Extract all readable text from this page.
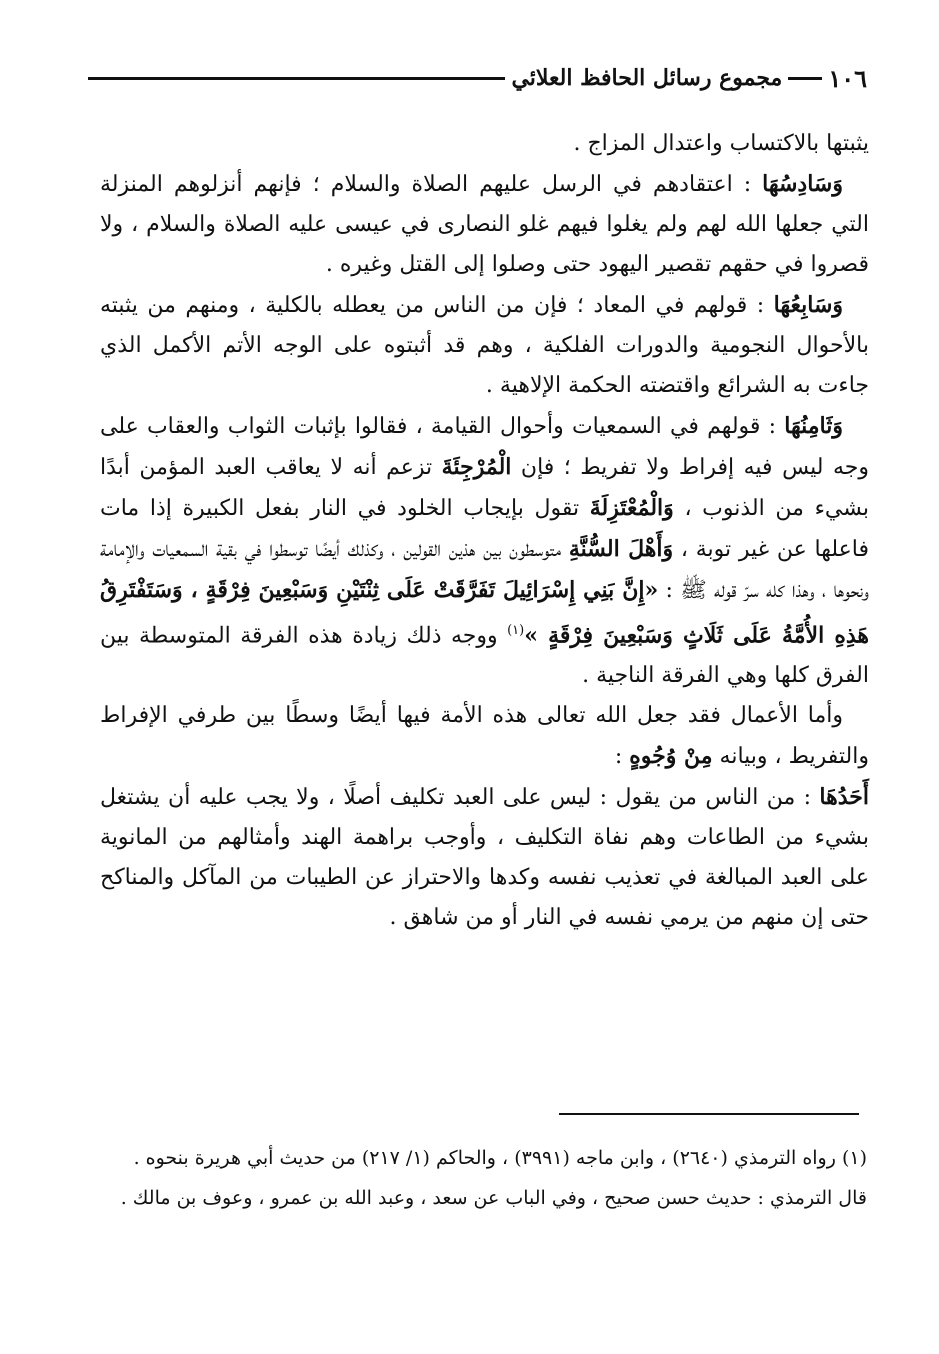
١٠٦
مجموع رسائل الحافظ العلائي

يثبتها بالاكتساب واعتدال المزاج .

وَسَادِسُهَا : اعتقادهم في الرسل عليهم الصلاة والسلام ؛ فإنهم أنزلوهم المنزلة التي جعلها الله لهم ولم يغلوا فيهم غلو النصارى في عيسى عليه الصلاة والسلام ، ولا قصروا في حقهم تقصير اليهود حتى وصلوا إلى القتل وغيره .

وَسَابِعُهَا : قولهم في المعاد ؛ فإن من الناس من يعطله بالكلية ، ومنهم من يثبته بالأحوال النجومية والدورات الفلكية ، وهم قد أثبتوه على الوجه الأتم الأكمل الذي جاءت به الشرائع واقتضته الحكمة الإلاهية .

وَثَامِنُهَا : قولهم في السمعيات وأحوال القيامة ، فقالوا بإثبات الثواب والعقاب على وجه ليس فيه إفراط ولا تفريط ؛ فإن الْمُرْجِئَةَ تزعم أنه لا يعاقب العبد المؤمن أبدًا بشيء من الذنوب ، وَالْمُعْتَزِلَةَ تقول بإيجاب الخلود في النار بفعل الكبيرة إذا مات فاعلها عن غير توبة ، وَأَهْلَ السُّنَّةِ متوسطون بين هذين القولين ، وكذلك أيضًا توسطوا في بقية السمعيات والإمامة ونحوها ، وهذا كله سرّ قوله ﷺ : «إِنَّ بَنِي إِسْرَائِيلَ تَفَرَّقَتْ عَلَى ثِنْتَيْنِ وَسَبْعِينَ فِرْقَةٍ ، وَسَتَفْتَرِقُ هَذِهِ الأُمَّةُ عَلَى ثَلَاثٍ وَسَبْعِينَ فِرْقَةٍ »$^{(١)}$ ووجه ذلك زيادة هذه الفرقة المتوسطة بين الفرق كلها وهي الفرقة الناجية .

وأما الأعمال فقد جعل الله تعالى هذه الأمة فيها أيضًا وسطًا بين طرفي الإفراط والتفريط ، وبيانه مِنْ وُجُوهٍ :

أَحَدُهَا : من الناس من يقول : ليس على العبد تكليف أصلًا ، ولا يجب عليه أن يشتغل بشيء من الطاعات وهم نفاة التكليف ، وأوجب براهمة الهند وأمثالهم من المانوية على العبد المبالغة في تعذيب نفسه وكدها والاحتراز عن الطيبات من المآكل والمناكح حتى إن منهم من يرمي نفسه في النار أو من شاهق .

(١) رواه الترمذي (٢٦٤٠) ، وابن ماجه (٣٩٩١) ، والحاكم (١/ ٢١٧) من حديث أبي هريرة بنحوه .

قال الترمذي : حديث حسن صحيح ، وفي الباب عن سعد ، وعبد الله بن عمرو ، وعوف بن مالك .
